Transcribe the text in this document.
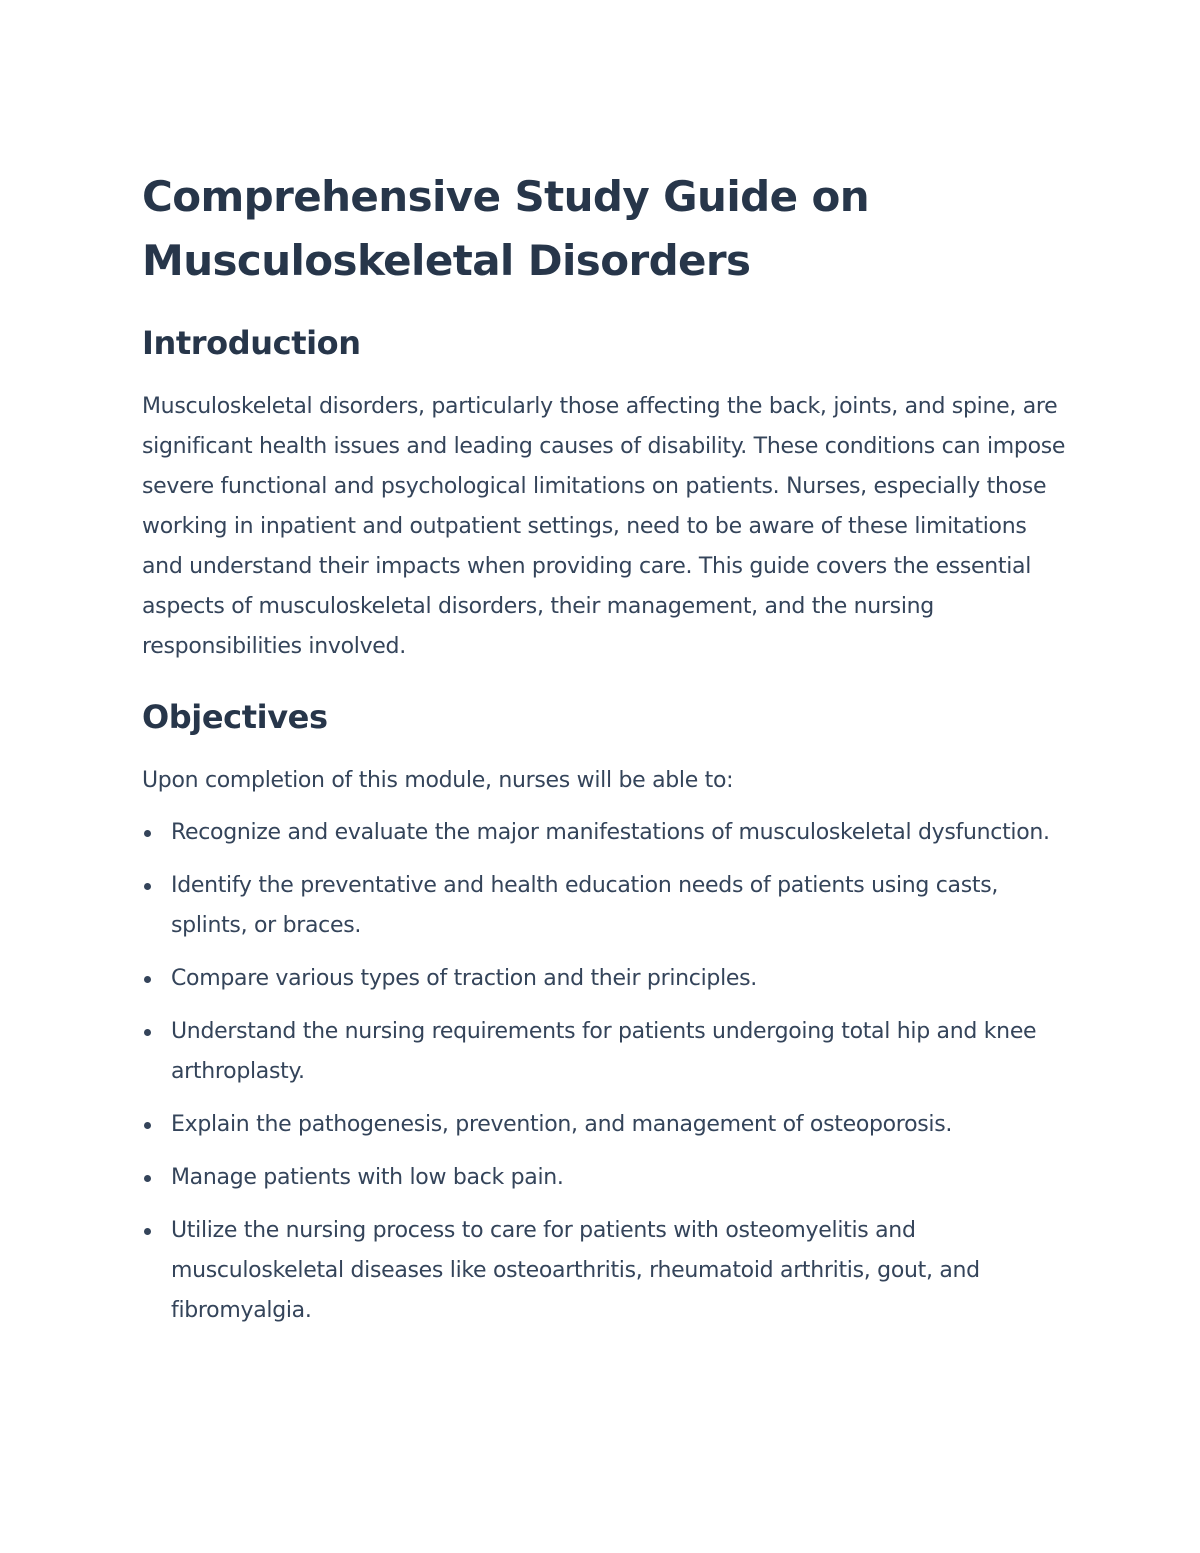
Comprehensive Study Guide on Musculoskeletal Disorders
Introduction

Musculoskeletal disorders, particularly those affecting the back, joints, and spine, are significant health issues and leading causes of disability. These conditions can impose severe functional and psychological limitations on patients. Nurses, especially those working in inpatient and outpatient settings, need to be aware of these limitations and understand their impacts when providing care. This guide covers the essential aspects of musculoskeletal disorders, their management, and the nursing responsibilities involved.

Objectives

Upon completion of this module, nurses will be able to:

Recognize and evaluate the major manifestations of musculoskeletal dysfunction.
Identify the preventative and health education needs of patients using casts, splints, or braces.
Compare various types of traction and their principles.
Understand the nursing requirements for patients undergoing total hip and knee arthroplasty.
Explain the pathogenesis, prevention, and management of osteoporosis.
Manage patients with low back pain.
Utilize the nursing process to care for patients with osteomyelitis and musculoskeletal diseases like osteoarthritis, rheumatoid arthritis, gout, and fibromyalgia.
